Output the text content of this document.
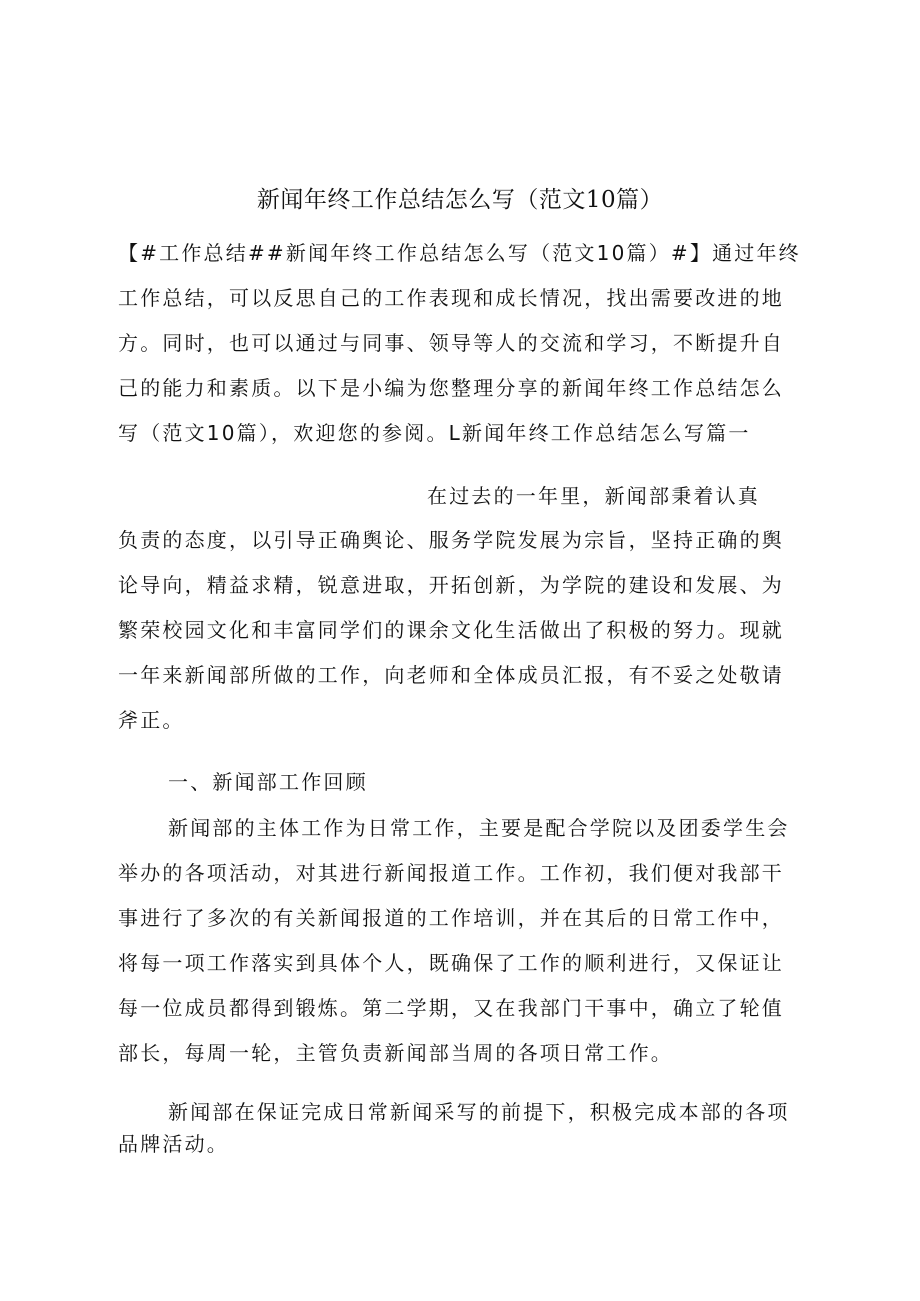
新闻年终工作总结怎么写（范文10篇）
【#工作总结##新闻年终工作总结怎么写（范文10篇）#】通过年终
工作总结，可以反思自己的工作表现和成长情况，找出需要改进的地
方。同时，也可以通过与同事、领导等人的交流和学习，不断提升自
己的能力和素质。以下是小编为您整理分享的新闻年终工作总结怎么
写（范文10篇），欢迎您的参阅。L新闻年终工作总结怎么写篇一
在过去的一年里，新闻部秉着认真
负责的态度，以引导正确舆论、服务学院发展为宗旨，坚持正确的舆
论导向，精益求精，锐意进取，开拓创新，为学院的建设和发展、为
繁荣校园文化和丰富同学们的课余文化生活做出了积极的努力。现就
一年来新闻部所做的工作，向老师和全体成员汇报，有不妥之处敬请
斧正。
一、新闻部工作回顾
新闻部的主体工作为日常工作，主要是配合学院以及团委学生会
举办的各项活动，对其进行新闻报道工作。工作初，我们便对我部干
事进行了多次的有关新闻报道的工作培训，并在其后的日常工作中，
将每一项工作落实到具体个人，既确保了工作的顺利进行，又保证让
每一位成员都得到锻炼。第二学期，又在我部门干事中，确立了轮值
部长，每周一轮，主管负责新闻部当周的各项日常工作。
新闻部在保证完成日常新闻采写的前提下，积极完成本部的各项
品牌活动。
